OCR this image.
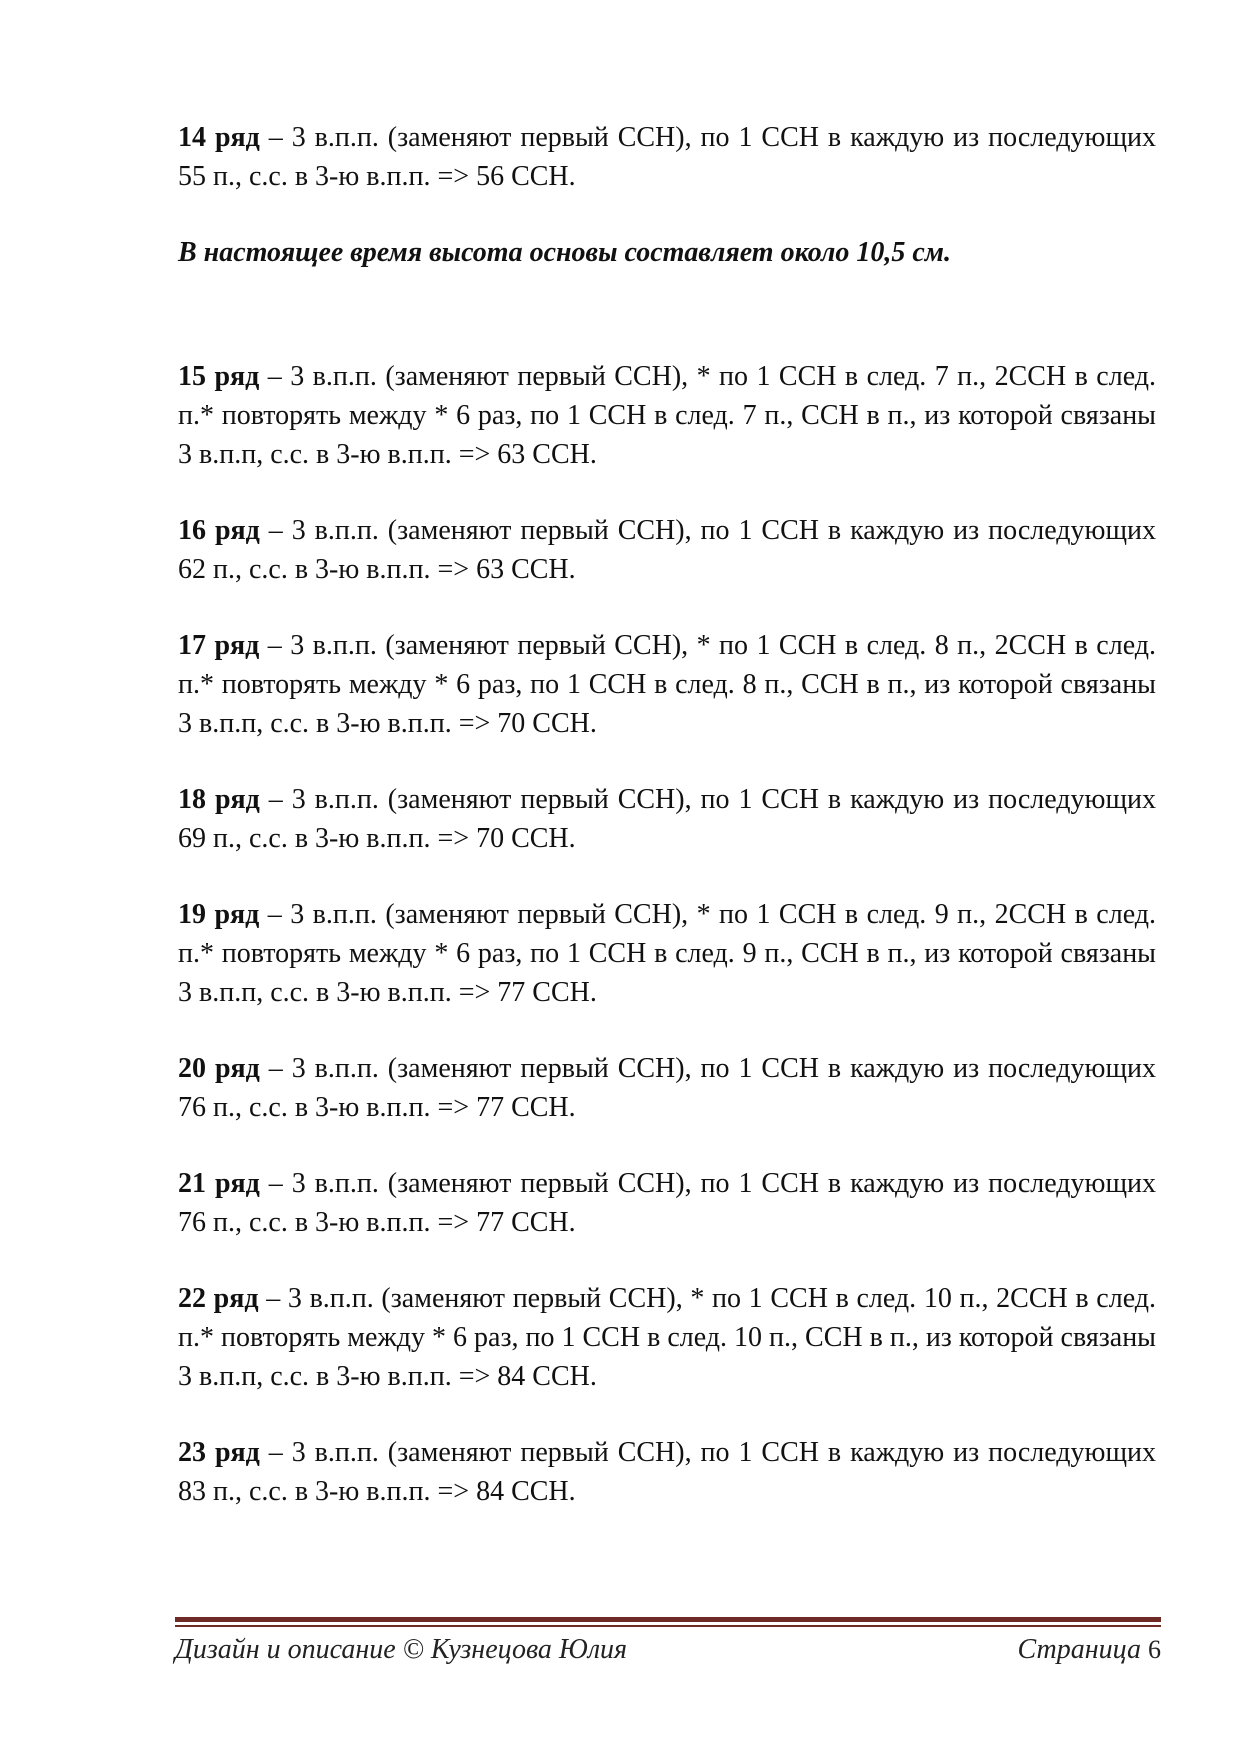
14 ряд – 3 в.п.п. (заменяют первый ССН), по 1 ССН в каждую из последующих 55 п., с.с. в 3-ю в.п.п. => 56 ССН.

В настоящее время высота основы составляет около 10,5 см.

15 ряд – 3 в.п.п. (заменяют первый ССН), * по 1 ССН в след. 7 п., 2ССН в след. п.* повторять между * 6 раз, по 1 ССН в след. 7 п., ССН в п., из которой связаны 3 в.п.п, с.с. в 3-ю в.п.п. => 63 ССН.

16 ряд – 3 в.п.п. (заменяют первый ССН), по 1 ССН в каждую из последующих 62 п., с.с. в 3-ю в.п.п. => 63 ССН.

17 ряд – 3 в.п.п. (заменяют первый ССН), * по 1 ССН в след. 8 п., 2ССН в след. п.* повторять между * 6 раз, по 1 ССН в след. 8 п., ССН в п., из которой связаны 3 в.п.п, с.с. в 3-ю в.п.п. => 70 ССН.

18 ряд – 3 в.п.п. (заменяют первый ССН), по 1 ССН в каждую из последующих 69 п., с.с. в 3-ю в.п.п. => 70 ССН.

19 ряд – 3 в.п.п. (заменяют первый ССН), * по 1 ССН в след. 9 п., 2ССН в след. п.* повторять между * 6 раз, по 1 ССН в след. 9 п., ССН в п., из которой связаны 3 в.п.п, с.с. в 3-ю в.п.п. => 77 ССН.

20 ряд – 3 в.п.п. (заменяют первый ССН), по 1 ССН в каждую из последующих 76 п., с.с. в 3-ю в.п.п. => 77 ССН.

21 ряд – 3 в.п.п. (заменяют первый ССН), по 1 ССН в каждую из последующих 76 п., с.с. в 3-ю в.п.п. => 77 ССН.

22 ряд – 3 в.п.п. (заменяют первый ССН), * по 1 ССН в след. 10 п., 2ССН в след. п.* повторять между * 6 раз, по 1 ССН в след. 10 п., ССН в п., из которой связаны 3 в.п.п, с.с. в 3-ю в.п.п. => 84 ССН.

23 ряд – 3 в.п.п. (заменяют первый ССН), по 1 ССН в каждую из последующих 83 п., с.с. в 3-ю в.п.п. => 84 ССН.

Дизайн и описание © Кузнецова Юлия	Страница 6
